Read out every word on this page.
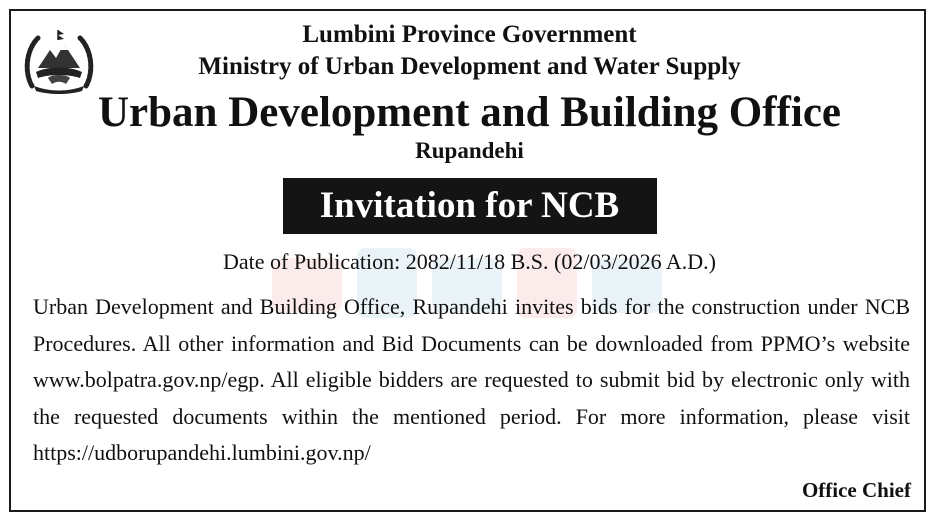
Lumbini Province Government
Ministry of Urban Development and Water Supply
Urban Development and Building Office
Rupandehi
Invitation for NCB
Date of Publication: 2082/11/18 B.S. (02/03/2026 A.D.)
Urban Development and Building Office, Rupandehi invites bids for the construction under NCB Procedures. All other information and Bid Documents can be downloaded from PPMO’s website www.bolpatra.gov.np/egp. All eligible bidders are requested to submit bid by electronic only with the requested documents within the mentioned period. For more information, please visit https://udborupandehi.lumbini.gov.np/
Office Chief
